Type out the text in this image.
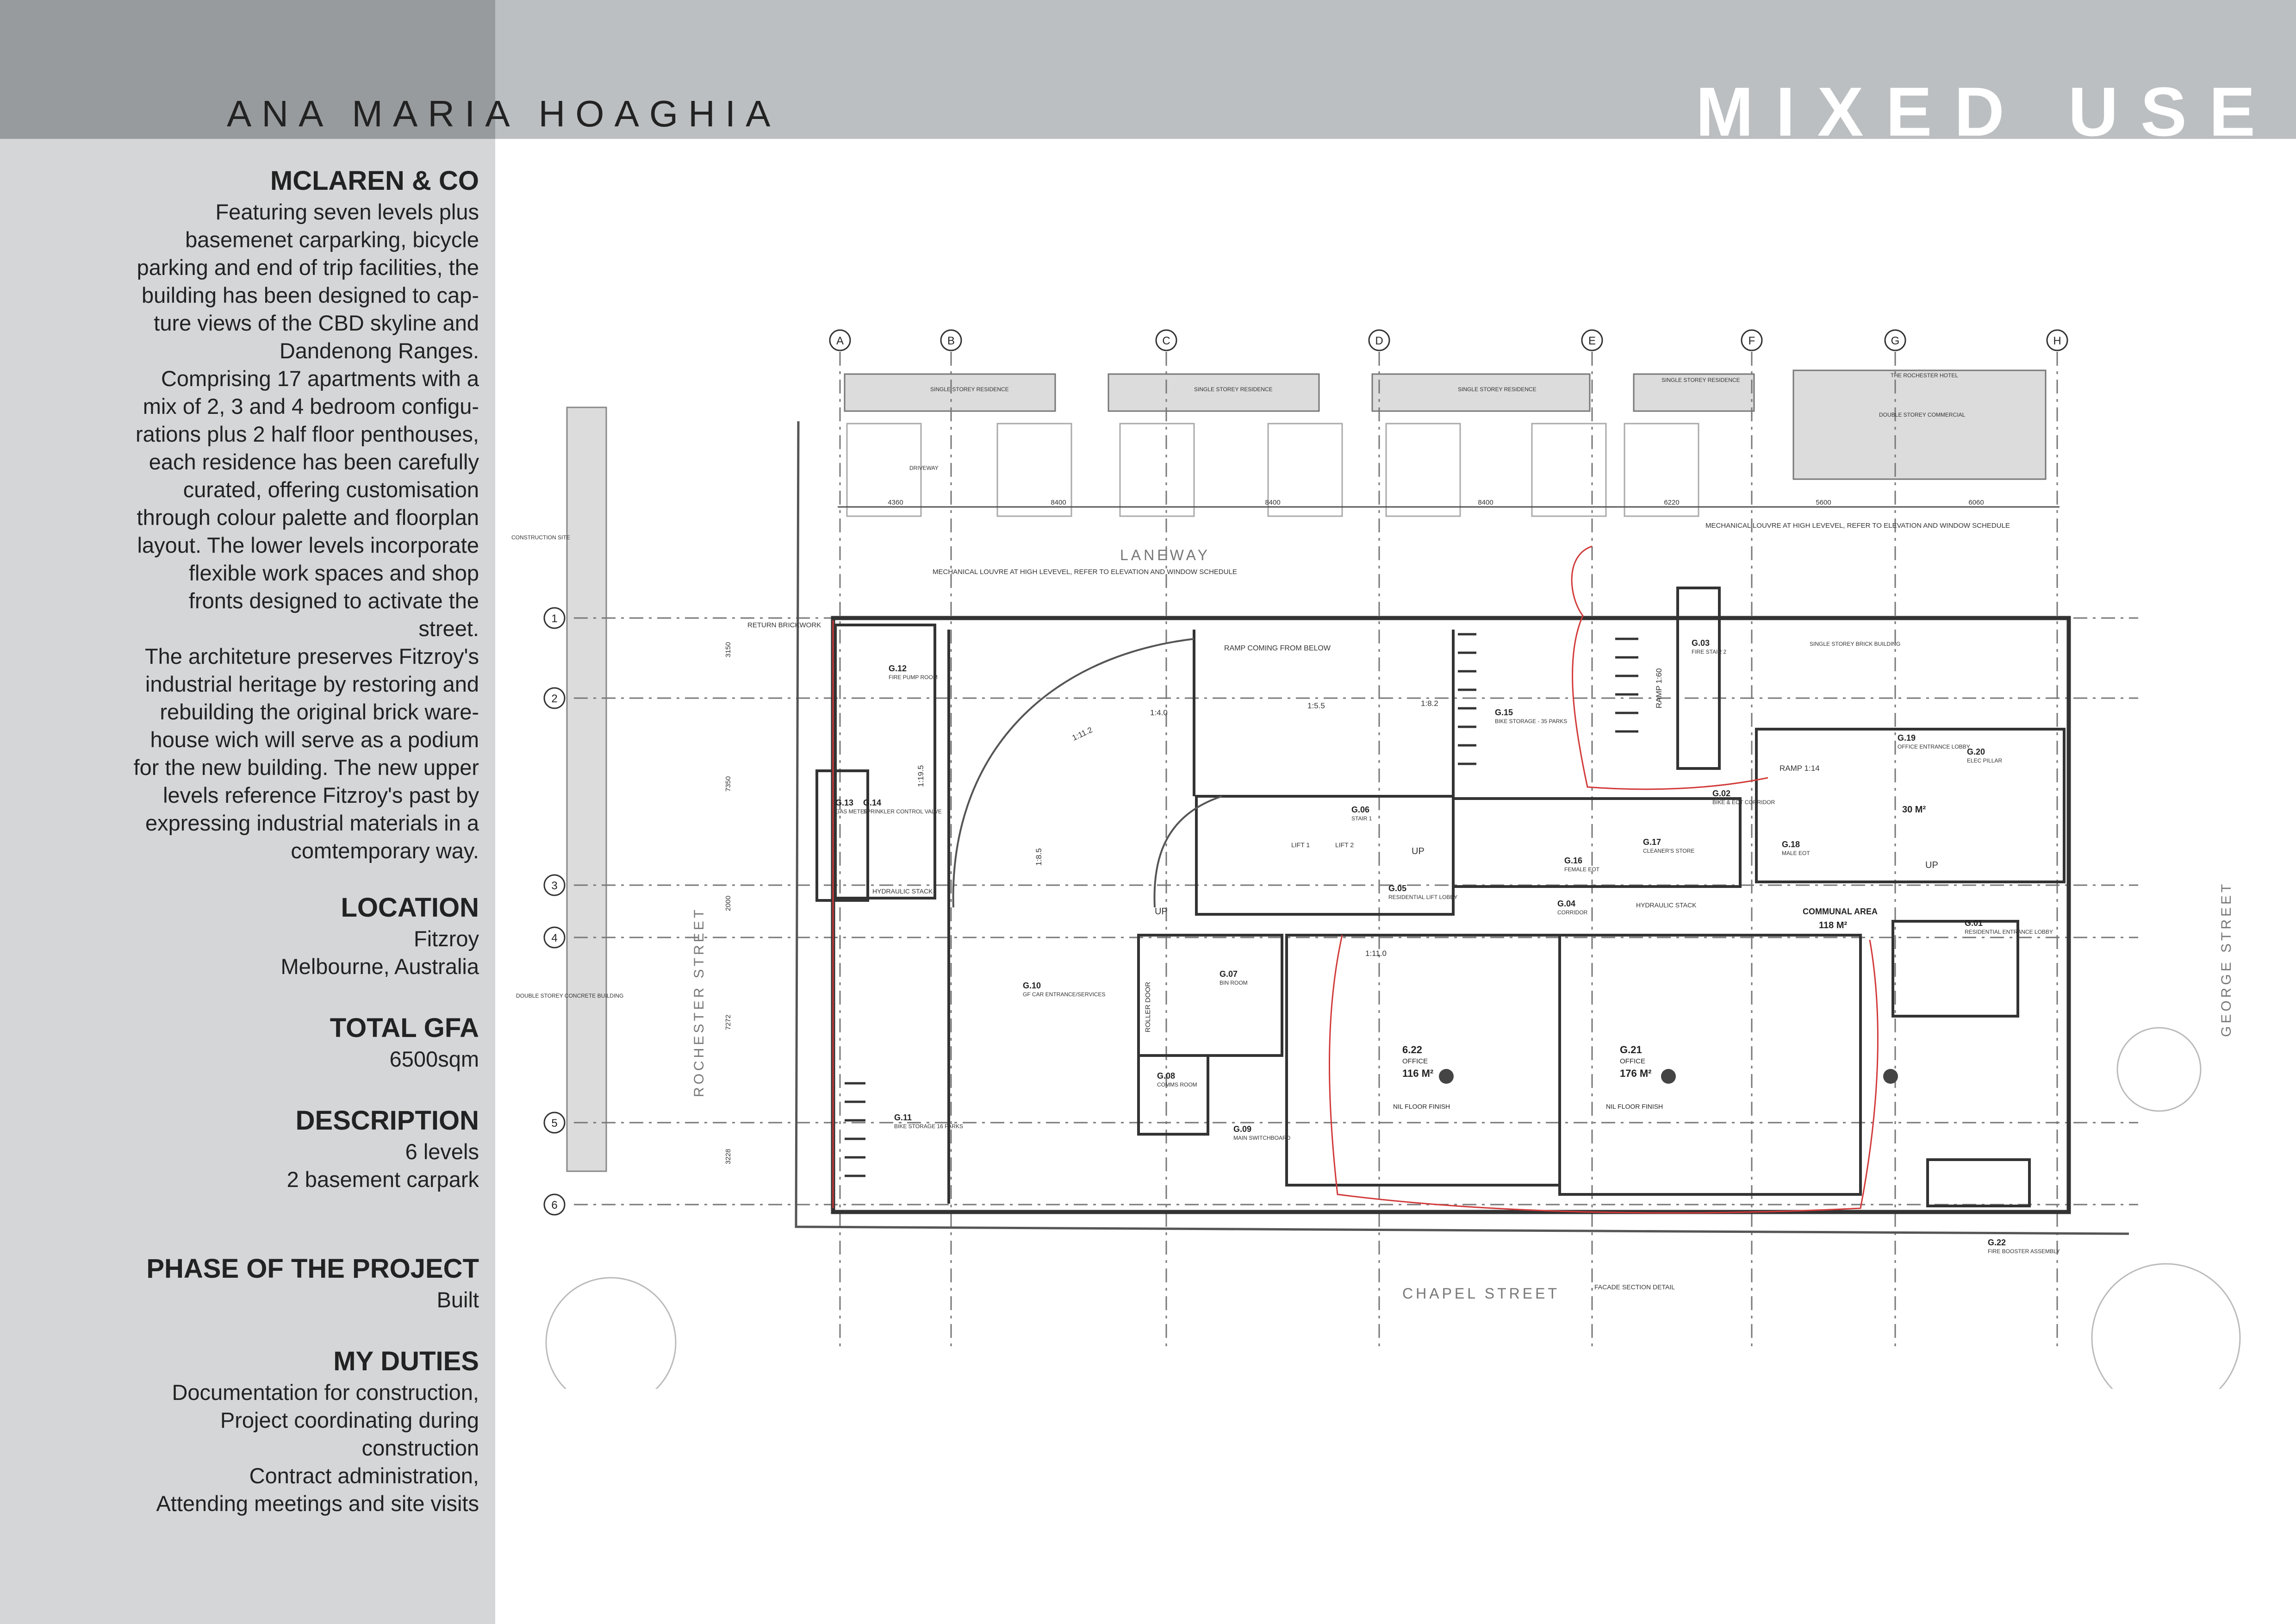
ANA MARIA HOAGHIA	MIXED USE
MCLAREN & CO

Featuring seven levels plus
basemenet carparking, bicycle
parking and end of trip facilities, the
building has been designed to cap-
ture views of the CBD skyline and
Dandenong Ranges.
Comprising 17 apartments with a
mix of 2, 3 and 4 bedroom configu-
rations plus 2 half floor penthouses,
each residence has been carefully
curated, offering customisation
through colour palette and floorplan
layout. The lower levels incorporate
flexible work spaces and shop
fronts designed to activate the
street.
The architeture preserves Fitzroy's
industrial heritage by restoring and
rebuilding the original brick ware-
house wich will serve as a podium
for the new building. The new upper
levels reference Fitzroy's past by
expressing industrial materials in a
comtemporary way.

LOCATION

Fitzroy
Melbourne, Australia

TOTAL GFA

6500sqm

DESCRIPTION

6 levels
2 basement carpark

PHASE OF THE PROJECT

Built

MY DUTIES

Documentation for construction,
Project coordinating during
construction
Contract administration,
Attending meetings and site visits

A	B	C	D	E	F	G	H
1
2
3
4
5
6
4360	8400	8400	8400	6220	5600	6060
3150
7350
2000
7272
3228
G.12
FIRE PUMP ROOM
G.13
GAS METER
G.14
SPRINKLER CONTROL VALVE
G.15
BIKE STORAGE - 35 PARKS
G.06
STAIR 1
G.03
FIRE STAIR 2
G.10
GF CAR ENTRANCE/SERVICES
G.11
BIKE STORAGE 16 PARKS
G.07
BIN ROOM
G.08
COMMS ROOM
G.09
MAIN SWITCHBOARD
G.05
RESIDENTIAL LIFT LOBBY
G.16
FEMALE EOT
G.17
CLEANER'S STORE
G.18
MALE EOT
G.02
BIKE & EOT CORRIDOR
G.04
CORRIDOR
G.19
OFFICE ENTRANCE LOBBY
G.20
ELEC PILLAR
G.01
RESIDENTIAL ENTRANCE LOBBY
G.22
FIRE BOOSTER ASSEMBLY
LANEWAY
CHAPEL STREET
ROCHESTER STREET	GEORGE STREET
MECHANICAL LOUVRE AT HIGH LEVEVEL, REFER TO ELEVATION AND WINDOW SCHEDULE
MECHANICAL LOUVRE AT HIGH LEVEVEL, REFER TO ELEVATION AND WINDOW SCHEDULE
RAMP COMING FROM BELOW
RETURN BRICKWORK
HYDRAULIC STACK
HYDRAULIC STACK
FACADE SECTION DETAIL
ROLLER DOOR
CONSTRUCTION SITE
DOUBLE STOREY CONCRETE BUILDING
SINGLE STOREY BRICK BUILDING
DRIVEWAY
SINGLE STOREY RESIDENCE	SINGLE STOREY RESIDENCE	SINGLE STOREY RESIDENCE
SINGLE STOREY RESIDENCE
THE ROCHESTER HOTEL
DOUBLE STOREY COMMERCIAL
6.22
OFFICE
116 M²
NIL FLOOR FINISH
G.21
OFFICE
176 M²
NIL FLOOR FINISH
COMMUNAL AREA
118 M²
30 M²
1:11.2
1:4.0
1:5.5	1:8.2
1:19.5
1:8.5
1:11.0
RAMP 1:14
RAMP 1:60
LIFT 1	LIFT 2
UP
UP
UP
